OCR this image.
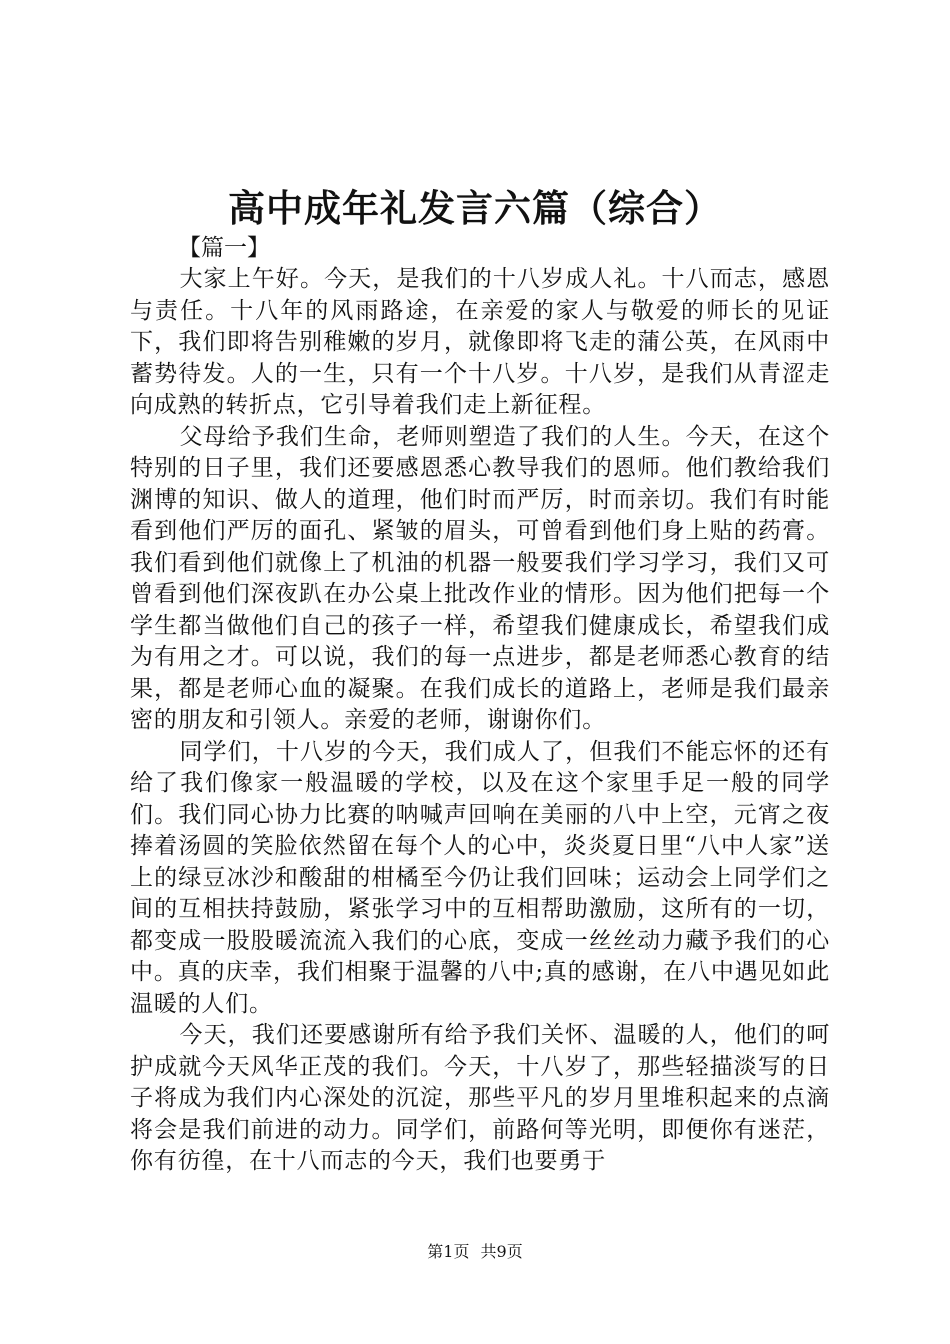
高中成年礼发言六篇（综合）

【篇一】

大家上午好。今天，是我们的十八岁成人礼。十八而志，感恩与责任。十八年的风雨路途，在亲爱的家人与敬爱的师长的见证下，我们即将告别稚嫩的岁月，就像即将飞走的蒲公英，在风雨中蓄势待发。人的一生，只有一个十八岁。十八岁，是我们从青涩走向成熟的转折点，它引导着我们走上新征程。

父母给予我们生命，老师则塑造了我们的人生。今天，在这个特别的日子里，我们还要感恩悉心教导我们的恩师。他们教给我们渊博的知识、做人的道理，他们时而严厉，时而亲切。我们有时能看到他们严厉的面孔、紧皱的眉头，可曾看到他们身上贴的药膏。我们看到他们就像上了机油的机器一般要我们学习学习，我们又可曾看到他们深夜趴在办公桌上批改作业的情形。因为他们把每一个学生都当做他们自己的孩子一样，希望我们健康成长，希望我们成为有用之才。可以说，我们的每一点进步，都是老师悉心教育的结果，都是老师心血的凝聚。在我们成长的道路上，老师是我们最亲密的朋友和引领人。亲爱的老师，谢谢你们。

同学们，十八岁的今天，我们成人了，但我们不能忘怀的还有给了我们像家一般温暖的学校，以及在这个家里手足一般的同学们。我们同心协力比赛的呐喊声回响在美丽的八中上空，元宵之夜捧着汤圆的笑脸依然留在每个人的心中，炎炎夏日里“八中人家”送上的绿豆冰沙和酸甜的柑橘至今仍让我们回味；运动会上同学们之间的互相扶持鼓励，紧张学习中的互相帮助激励，这所有的一切，都变成一股股暖流流入我们的心底，变成一丝丝动力藏予我们的心中。真的庆幸，我们相聚于温馨的八中;真的感谢，在八中遇见如此温暖的人们。

今天，我们还要感谢所有给予我们关怀、温暖的人，他们的呵护成就今天风华正茂的我们。今天，十八岁了，那些轻描淡写的日子将成为我们内心深处的沉淀，那些平凡的岁月里堆积起来的点滴将会是我们前进的动力。同学们，前路何等光明，即便你有迷茫，你有彷徨，在十八而志的今天，我们也要勇于

第1页 共9页
